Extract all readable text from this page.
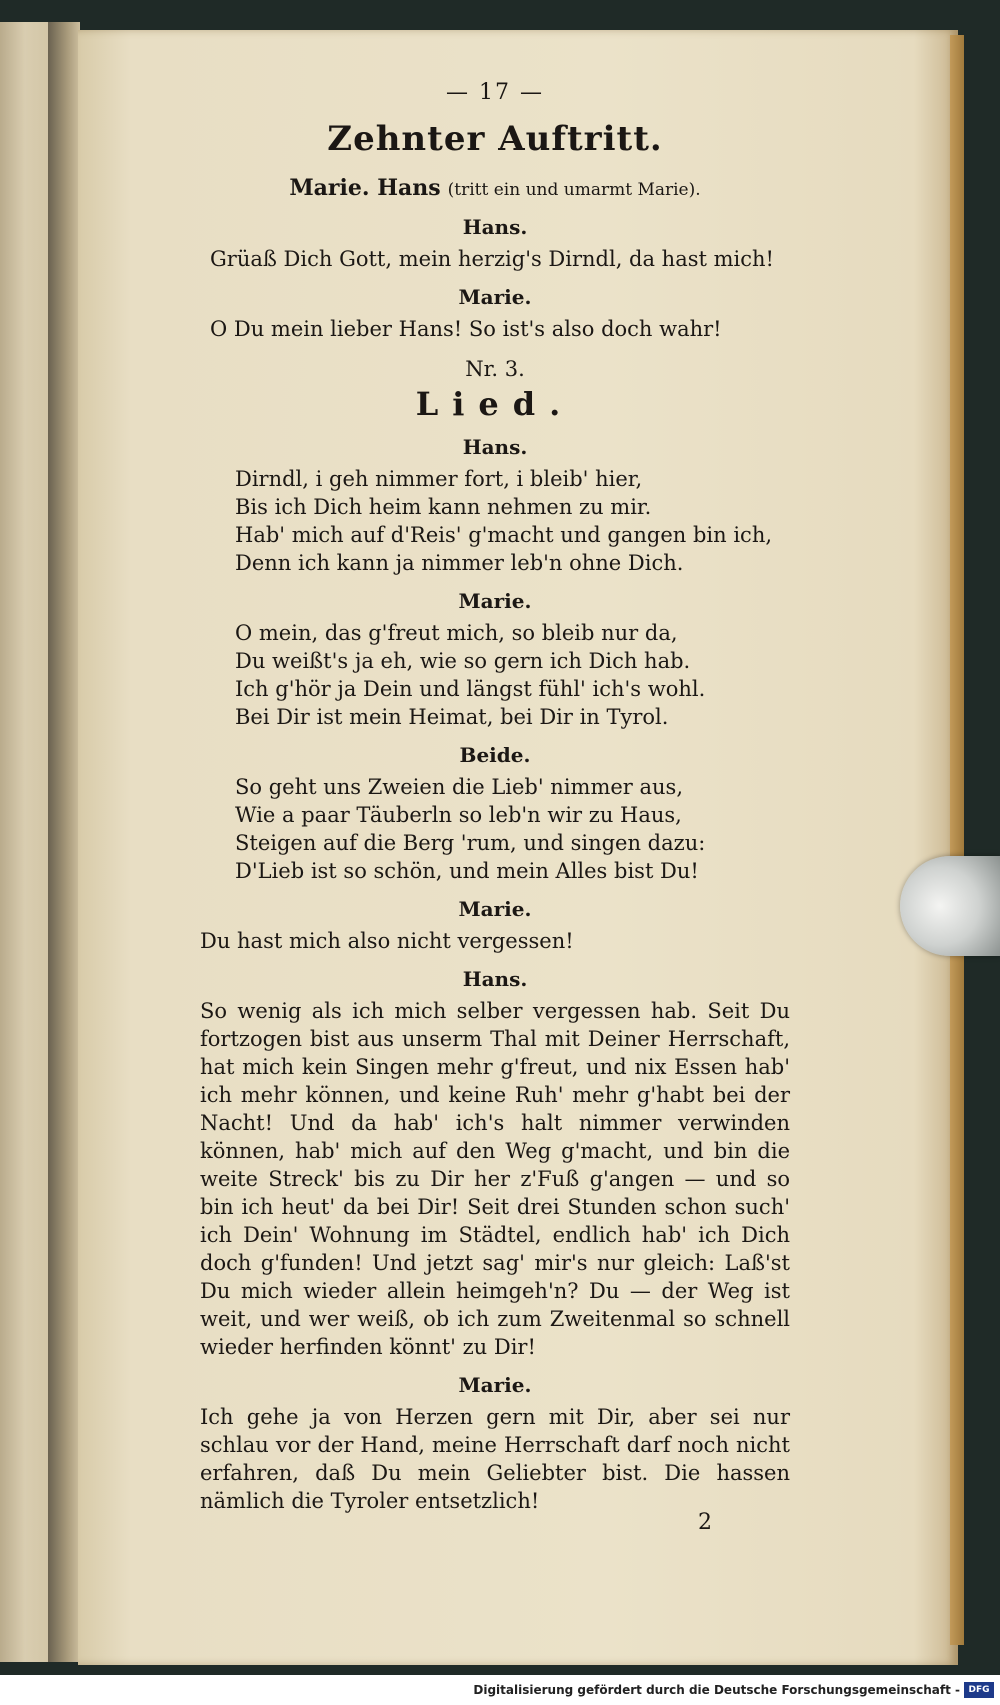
— 17 —
Zehnter Auftritt.
Marie. Hans (tritt ein und umarmt Marie).
Hans.
Grüaß Dich Gott, mein herzig's Dirndl, da hast mich!
Marie.
O Du mein lieber Hans! So ist's also doch wahr!
Nr. 3.
Lied.
Hans.
Dirndl, i geh nimmer fort, i bleib' hier,
Bis ich Dich heim kann nehmen zu mir.
Hab' mich auf d'Reis' g'macht und gangen bin ich,
Denn ich kann ja nimmer leb'n ohne Dich.
Marie.
O mein, das g'freut mich, so bleib nur da,
Du weißt's ja eh, wie so gern ich Dich hab.
Ich g'hör ja Dein und längst fühl' ich's wohl.
Bei Dir ist mein Heimat, bei Dir in Tyrol.
Beide.
So geht uns Zweien die Lieb' nimmer aus,
Wie a paar Täuberln so leb'n wir zu Haus,
Steigen auf die Berg 'rum, und singen dazu:
D'Lieb ist so schön, und mein Alles bist Du!
Marie.
Du hast mich also nicht vergessen!
Hans.
So wenig als ich mich selber vergessen hab. Seit Du fortzogen bist aus unserm Thal mit Deiner Herrschaft, hat mich kein Singen mehr g'freut, und nix Essen hab' ich mehr können, und keine Ruh' mehr g'habt bei der Nacht! Und da hab' ich's halt nimmer verwinden können, hab' mich auf den Weg g'macht, und bin die weite Streck' bis zu Dir her z'Fuß g'angen — und so bin ich heut' da bei Dir! Seit drei Stunden schon such' ich Dein' Wohnung im Städtel, endlich hab' ich Dich doch g'funden! Und jetzt sag' mir's nur gleich: Laß'st Du mich wieder allein heimgeh'n? Du — der Weg ist weit, und wer weiß, ob ich zum Zweitenmal so schnell wieder herfinden könnt' zu Dir!
Marie.
Ich gehe ja von Herzen gern mit Dir, aber sei nur schlau vor der Hand, meine Herrschaft darf noch nicht erfahren, daß Du mein Geliebter bist. Die hassen nämlich die Tyroler entsetzlich!
2
Digitalisierung gefördert durch die Deutsche Forschungsgemeinschaft - DFG
